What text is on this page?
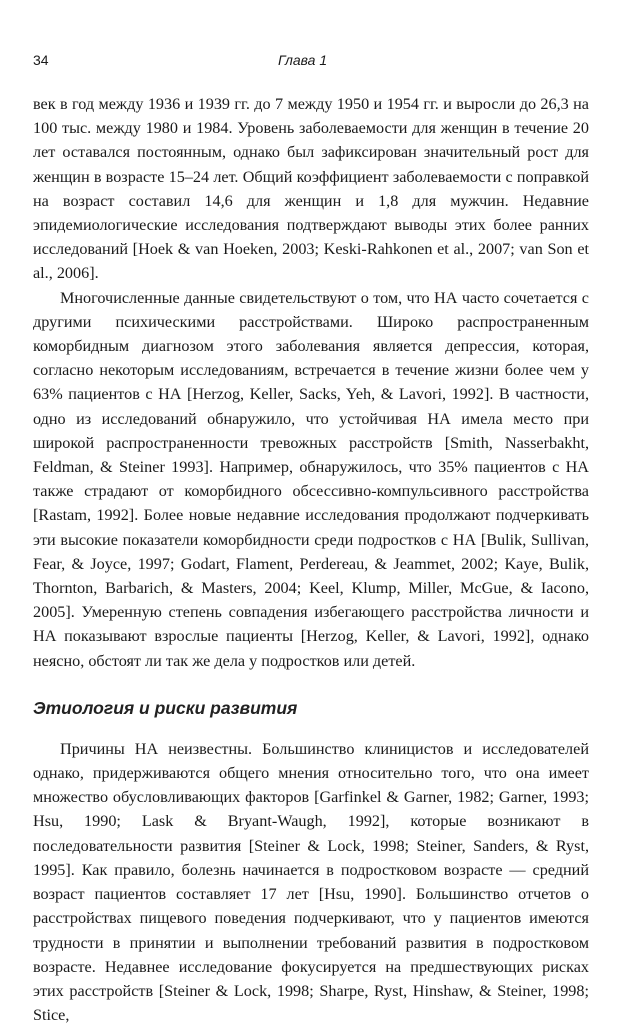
34	Глава 1

век в год между 1936 и 1939 гг. до 7 между 1950 и 1954 гг. и выросли до 26,3 на 100 тыс. между 1980 и 1984. Уровень заболеваемости для женщин в течение 20 лет оставался постоянным, однако был зафиксирован значительный рост для женщин в возрасте 15–24 лет. Общий коэффициент заболеваемости с поправкой на возраст составил 14,6 для женщин и 1,8 для мужчин. Недавние эпидемиологические исследования подтверждают выводы этих более ранних исследований [Hoek & van Hoeken, 2003; Keski-Rahkonen et al., 2007; van Son et al., 2006].

Многочисленные данные свидетельствуют о том, что НА часто сочетается с другими психическими расстройствами. Широко распространенным коморбидным диагнозом этого заболевания является депрессия, которая, согласно некоторым исследованиям, встречается в течение жизни более чем у 63% пациентов с НА [Herzog, Keller, Sacks, Yeh, & Lavori, 1992]. В частности, одно из исследований обнаружило, что устойчивая НА имела место при широкой распространенности тревожных расстройств [Smith, Nasserbakht, Feldman, & Steiner 1993]. Например, обнаружилось, что 35% пациентов с НА также страдают от коморбидного обсессивно-компульсивного расстройства [Rastam, 1992]. Более новые недавние исследования продолжают подчеркивать эти высокие показатели коморбидности среди подростков с НА [Bulik, Sullivan, Fear, & Joyce, 1997; Godart, Flament, Perdereau, & Jeammet, 2002; Kaye, Bulik, Thornton, Barbarich, & Masters, 2004; Keel, Klump, Miller, McGue, & Iacono, 2005]. Умеренную степень совпадения избегающего расстройства личности и НА показывают взрослые пациенты [Herzog, Keller, & Lavori, 1992], однако неясно, обстоят ли так же дела у подростков или детей.

Этиология и риски развития

Причины НА неизвестны. Большинство клиницистов и исследователей однако, придерживаются общего мнения относительно того, что она имеет множество обусловливающих факторов [Garfinkel & Garner, 1982; Garner, 1993; Hsu, 1990; Lask & Bryant-Waugh, 1992], которые возникают в последовательности развития [Steiner & Lock, 1998; Steiner, Sanders, & Ryst, 1995]. Как правило, болезнь начинается в подростковом возрасте — средний возраст пациентов составляет 17 лет [Hsu, 1990]. Большинство отчетов о расстройствах пищевого поведения подчеркивают, что у пациентов имеются трудности в принятии и выполнении требований развития в подростковом возрасте. Недавнее исследование фокусируется на предшествующих рисках этих расстройств [Steiner & Lock, 1998; Sharpe, Ryst, Hinshaw, & Steiner, 1998; Stice,
